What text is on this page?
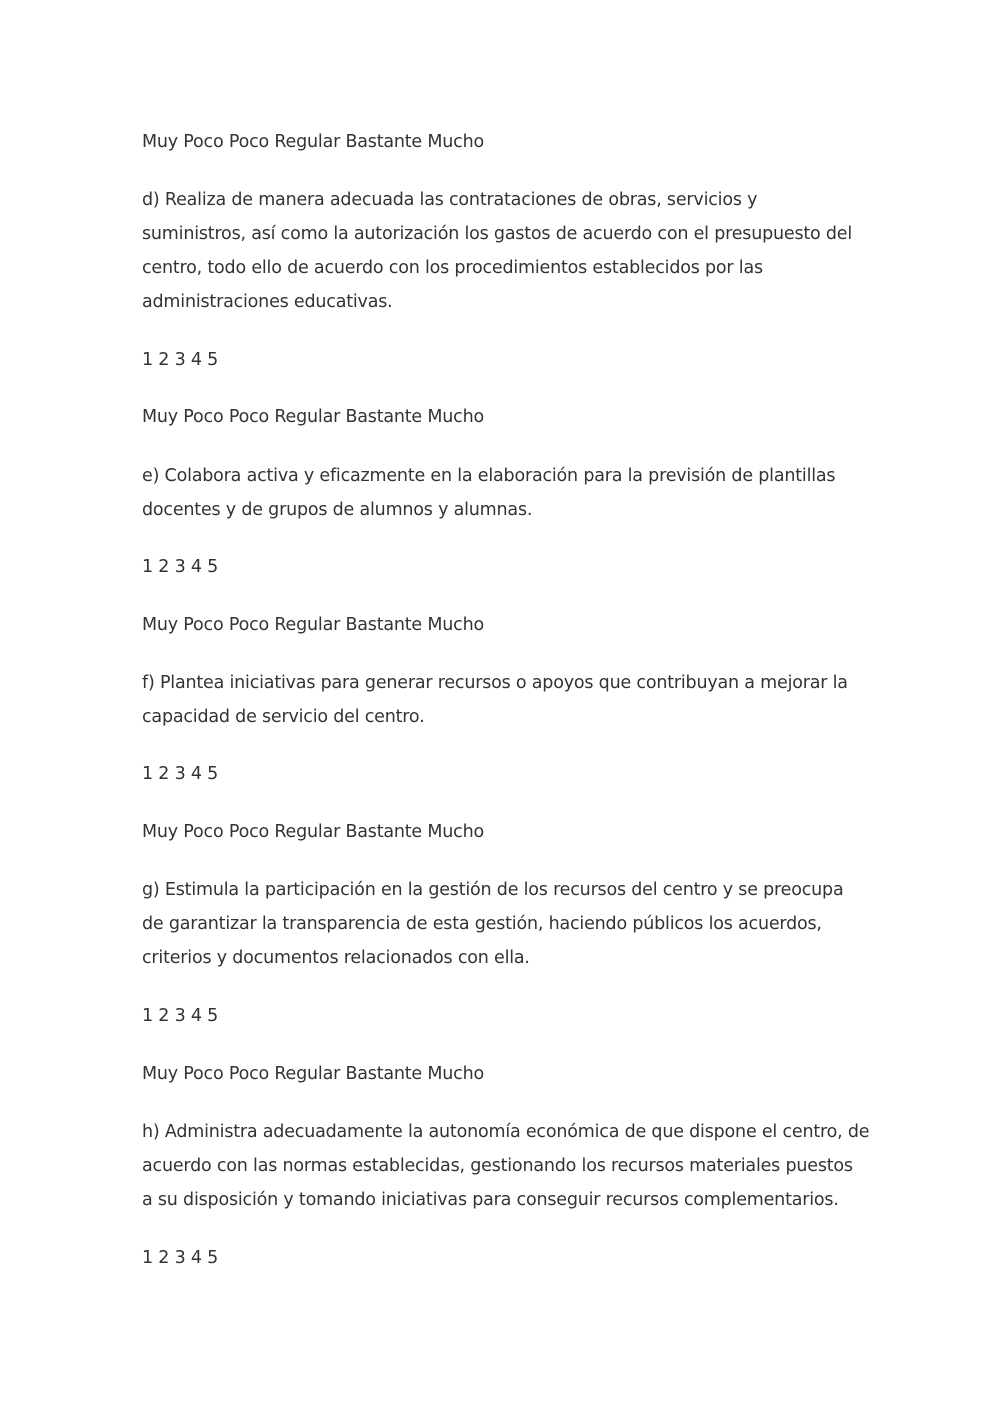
Muy Poco Poco Regular Bastante Mucho
d) Realiza de manera adecuada las contrataciones de obras, servicios y
suministros, así como la autorización los gastos de acuerdo con el presupuesto del
centro, todo ello de acuerdo con los procedimientos establecidos por las
administraciones educativas.
1 2 3 4 5
Muy Poco Poco Regular Bastante Mucho
e) Colabora activa y eficazmente en la elaboración para la previsión de plantillas
docentes y de grupos de alumnos y alumnas.
1 2 3 4 5
Muy Poco Poco Regular Bastante Mucho
f) Plantea iniciativas para generar recursos o apoyos que contribuyan a mejorar la
capacidad de servicio del centro.
1 2 3 4 5
Muy Poco Poco Regular Bastante Mucho
g) Estimula la participación en la gestión de los recursos del centro y se preocupa
de garantizar la transparencia de esta gestión, haciendo públicos los acuerdos,
criterios y documentos relacionados con ella.
1 2 3 4 5
Muy Poco Poco Regular Bastante Mucho
h) Administra adecuadamente la autonomía económica de que dispone el centro, de
acuerdo con las normas establecidas, gestionando los recursos materiales puestos
a su disposición y tomando iniciativas para conseguir recursos complementarios.
1 2 3 4 5
